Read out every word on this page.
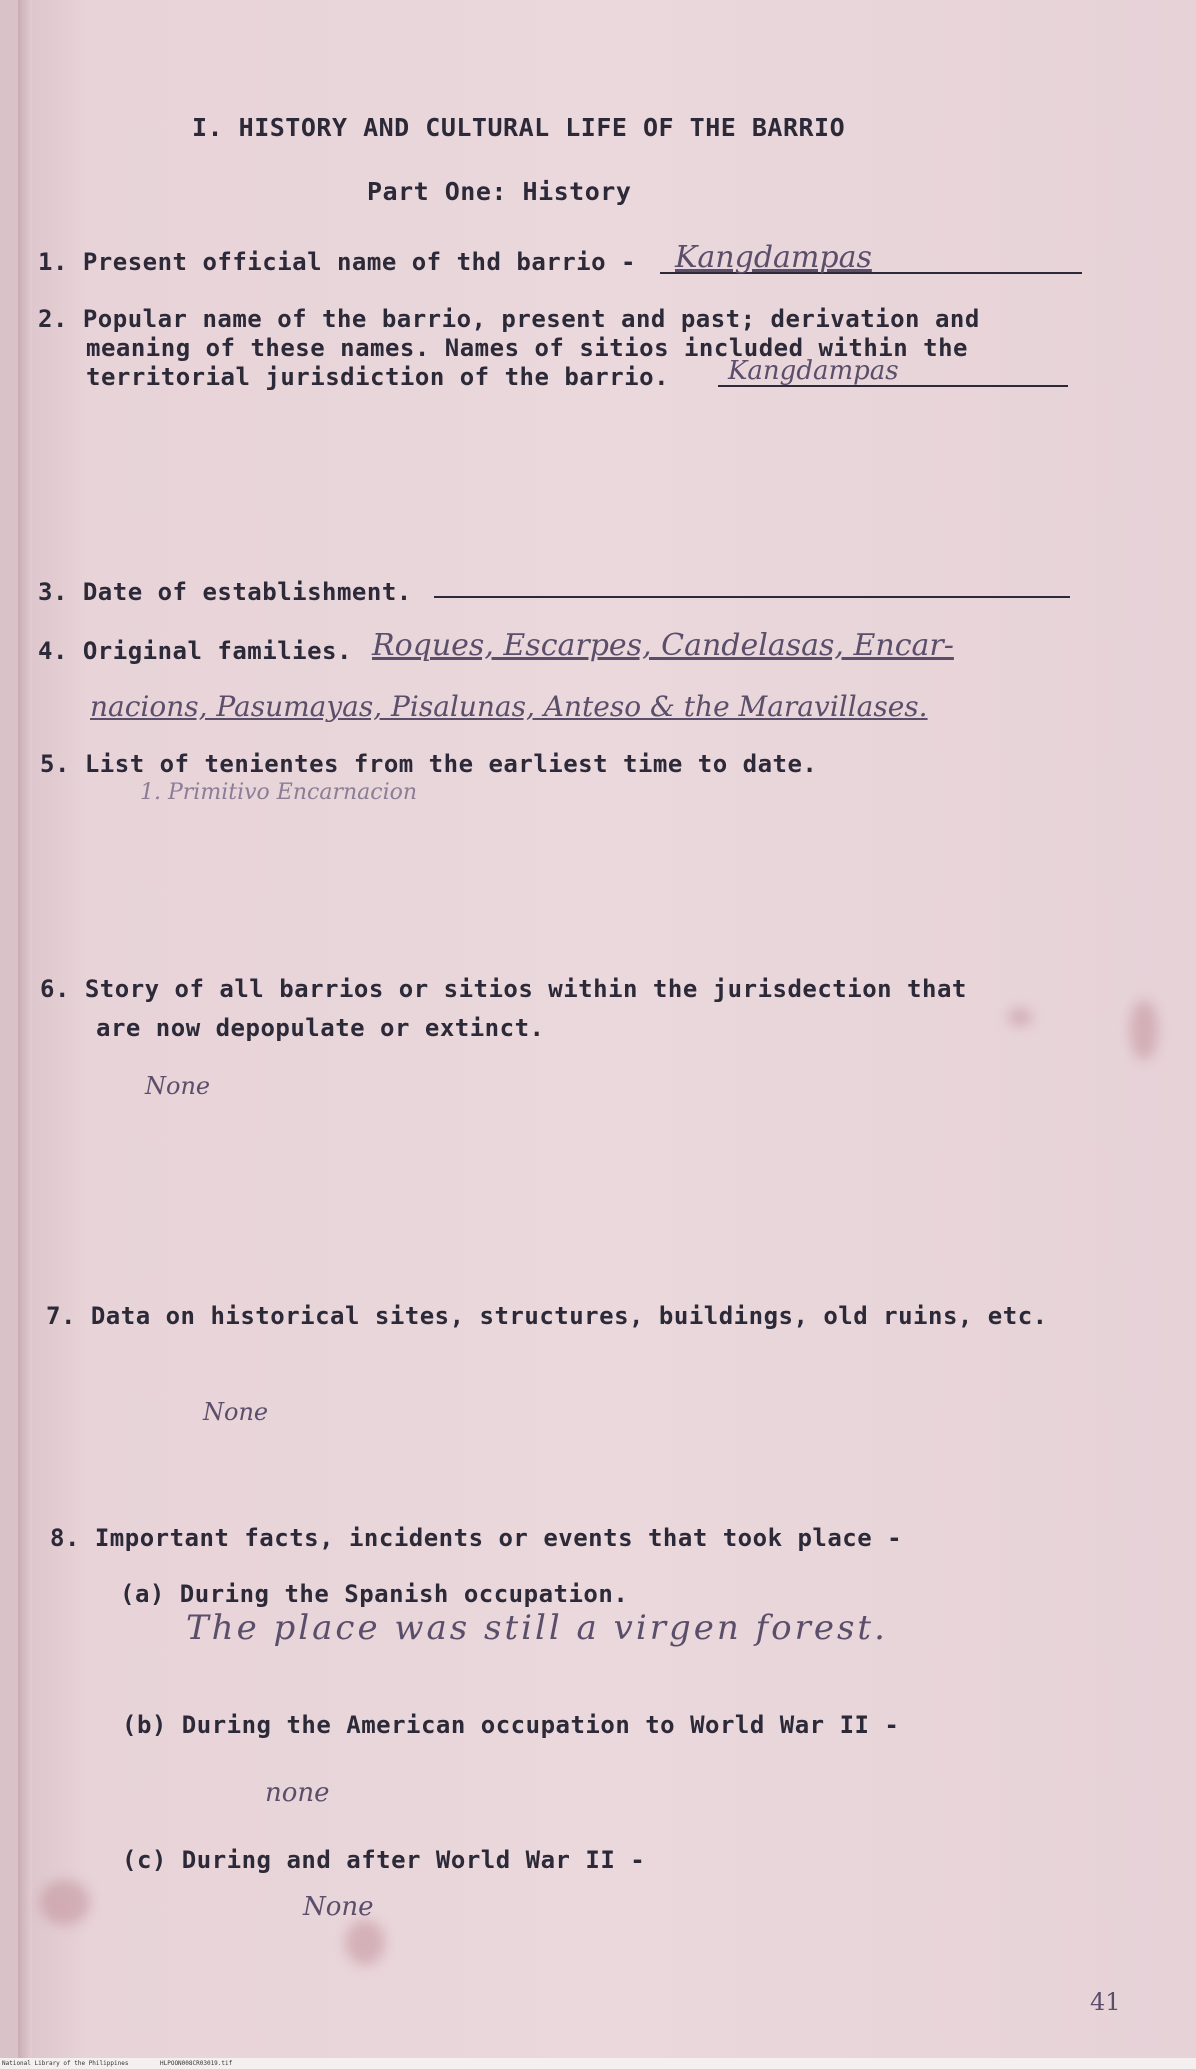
I. HISTORY AND CULTURAL LIFE OF THE BARRIO
Part One: History
1. Present official name of thd barrio - Kangdampas
2. Popular name of the barrio, present and past; derivation and
meaning of these names. Names of sitios included within the
territorial jurisdiction of the barrio. Kangdampas
3. Date of establishment.
4. Original families. Roques, Escarpes, Candelasas, Encar-
nacions, Pasumayas, Pisalunas, Anteso & the Maravillases.
5. List of tenientes from the earliest time to date.
1. Primitivo Encarnacion
6. Story of all barrios or sitios within the jurisdection that
are now depopulate or extinct.
None
7. Data on historical sites, structures, buildings, old ruins, etc.
None
8. Important facts, incidents or events that took place -
(a) During the Spanish occupation.
The place was still a virgen forest.
(b) During the American occupation to World War II -
none
(c) During and after World War II -
None
41
National Library of the Philippines	HLPOON008CR03019.tif
